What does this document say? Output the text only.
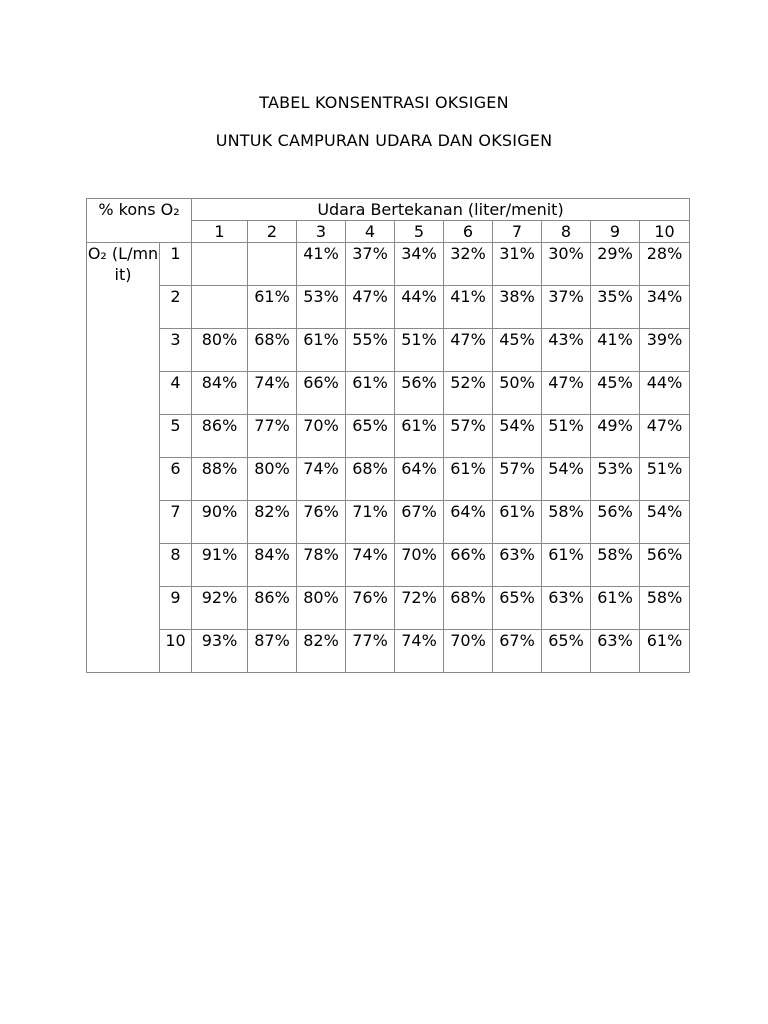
TABEL KONSENTRASI OKSIGEN
UNTUK CAMPURAN UDARA DAN OKSIGEN
% kons O₂		Udara Bertekanan (liter/menit)									
		1	2	3	4	5	6	7	8	9	10
O₂ (L/mnit)	1			41%	37%	34%	32%	31%	30%	29%	28%
	2		61%	53%	47%	44%	41%	38%	37%	35%	34%
	3	80%	68%	61%	55%	51%	47%	45%	43%	41%	39%
	4	84%	74%	66%	61%	56%	52%	50%	47%	45%	44%
	5	86%	77%	70%	65%	61%	57%	54%	51%	49%	47%
	6	88%	80%	74%	68%	64%	61%	57%	54%	53%	51%
	7	90%	82%	76%	71%	67%	64%	61%	58%	56%	54%
	8	91%	84%	78%	74%	70%	66%	63%	61%	58%	56%
	9	92%	86%	80%	76%	72%	68%	65%	63%	61%	58%
	10	93%	87%	82%	77%	74%	70%	67%	65%	63%	61%
